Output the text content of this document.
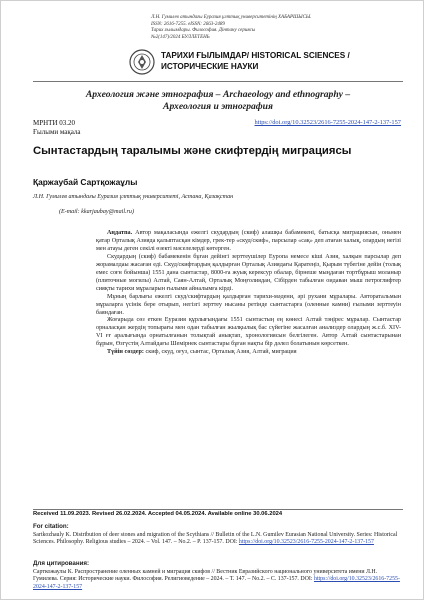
Л.Н. Гумилев атындағы Еуразия ұлттық университетінің ХАБАРШЫСЫ.
ISSN: 2616-7255. eISSN: 2663-2489
Тарих ғылымдары. Философия. Дінтану сериясы
№2(147)/2024 БУЛЛЕТЕНЬ
ТАРИХИ ҒЫЛЫМДАР/ HISTORICAL SCIENCES /
ИСТОРИЧЕСКИЕ НАУКИ
Археология және этнография – Archaeology and ethnography –
Археология и этнография
МРНТИ 03.20	https://doi.org/10.32523/2616-7255-2024-147-2-137-157
Ғылыми мақала
Сынтастардың таралымы және скифтердің миграциясы
Қаржаубай Сартқожаұлы
Л.Н. Гумилев атындағы Еуразия ұлттық университеті, Астана, Қазақстан
(E-mail: kkarjaubay@mail.ru)

Аңдатпа. Автор мақаласында ежелгі скудардың (скиф) алашқы бабамекені, батысқа миграциясын, оньмен қатар Орталық Азияда қалыптасқан кімдер, грек-тер «скуд/скиф», парсылар «сақ» деп атаған халық, олардың негізі мен атауы деген секілі өзекті мәселелерді көтерген.

Скудардың (скиф) бабамекенін бұған дейінгі зерттеушілер Еуропа немесе кіші Азия, халқын парсылар деп жорамалдаы жасаған еді. Скуд/скифтардың қалдырған Орталық Азиядағы Қаратеңіз, Қырым түбегіне дейін (толық емес соғн бойынша) 1551 дана сынтастар, 8000-ға жуық керексур обалар, бірнеше мыңдаған тортбұрыш моланыр (плиточные могилы) Алтай, Саян-Алтай, Орталық Моңғолиядан, Сібірден табылған оидаван мыш петроглифтер сияқты тарихи мұраларын ғылыми айналымға кірді.

Мұның барлығы ежелгі скуд/скифтардың қалдырған тарихи-мәдени, әрі рухани мұралары. Авторатальмын мұраларга үсінік бере отырып, негізгі зерттеу нысаны ретінде сынтастарға (оленные камни) ғылыми зерттеуін баяндаған.

Жоғарыда сөз еткен Еуразия құрлығындағы 1551 сынтастың ең көнесі Алтай тәңірес мұралар. Сынтастар орналасқан жердің топырағы мен одан табылған жылқылық бас сүйегіне жасалған анализдер олардың ж.с.б. XIV-VI ғғ аралығында орнатылғанын толықтай анықтап, хронологиясын белгілеген. Автор Алтай сынтастарынан бұрын, Өзгүстің Алтайдағы Шемірнек сынтастары бұған нақты бір дәлел болатынын көрсеткен.

Түйін сөздер: скиф, скуд, оғуз, сынтас, Орталық Азия, Алтай, миграция

Received 11.09.2023. Revised 26.02.2024. Accepted 04.05.2024. Available online 30.06.2024
For citation:
Sartkozhauly K. Distribution of deer stones and migration of the Scythians // Bulletin of the L.N. Gumilev Eurasian National University. Series: Historical Sciences. Philosophy. Religious studies – 2024. – Vol. 147. – No.2. – P. 137-157. DOI: https://doi.org/10.32523/2616-7255-2024-147-2-137-157
Для цитирования:
Сарткожаулы К. Распространение оленных камней и миграция скифов // Вестник Евразийского национального университета имени Л.Н. Гумилева. Серия: Исторические науки. Философия. Религиоведение – 2024. – Т. 147. – No.2. – С. 137-157. DOI: https://doi.org/10.32523/2616-7255-2024-147-2-137-157
